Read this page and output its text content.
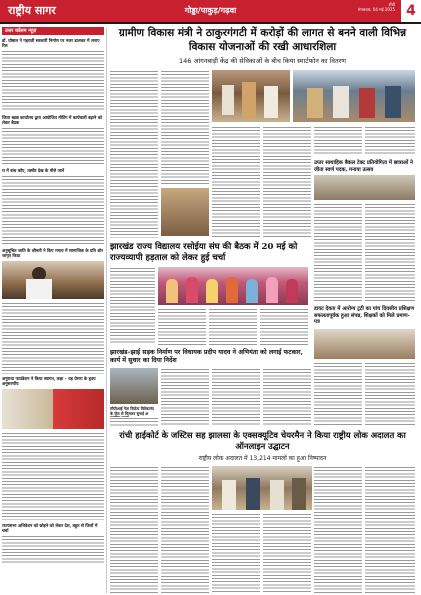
राष्ट्रीय सागर	गोड्डा/पाकुड़/गढ़वा
राँची
मंगलवार, 04 मई 2025 4
उत्तर कॉलम न्यूज़
डॉ. घोषाल ने गहराती सरकारी निर्माण पर नजर डालकर में लगाए रिश
जिला खाद्य कार्यालय द्वारा आयोजित मीटिंग में कार्यकारी बढ़ाने को लेकर बैठक
रा में बांध कॉप, तस्वीर देख के मौसे जानें
अनुसूचित जाति के श्रीमती ने किए ममता में सामाजिक के प्रति शोर जागृत किया
अनुराधा फाउंडेशन ने किया स्वागत, कहा – यह प्रेरणा के हृदय अनुसरणीय
राज्यसभा अधिवेशन को छोड़ने को लेकर देश, बहुत से जिलों में चर्चा
ग्रामीण विकास मंत्री ने ठाकुरगंगटी में करोड़ों की लागत से बनने वाली विभिन्न विकास योजनाओं की रखी आधारशिला
146 आंगनबाड़ी केंद्र की सेविकाओं के बीच किया स्मार्टफोन का वितरण
उप्तर साथाहिक बैकल टेक्ट प्रतियोगिता में छात्राओं ने जीता स्वर्ण पदक, मनाया उत्सव
झारखंड राज्य विद्यालय रसोईया संघ की बैठक में 20 मई को राज्यव्यापी हड़ताल को लेकर हुई चर्चा
झारखंड–झाई सड़क निर्माण पर विधायक प्रदीप यादव ने अभियंता को लगाई फटकार, कार्य में सुधार का दिया निर्देश
सीपीआई नेता विजेता विवेकानंद के जेल से मिलकर सुनाई अ
डायट देवता में आरोग्य ट्रटी का पांच दिवसीय प्रशिक्षण सफलतापूर्वक हुआ संपन्न, शिक्षकों को मिले प्रमाण-पत्र
रांची हाईकोर्ट के जस्टिस सह झालसा के एक्सक्यूटिव चेयरमैन ने किया राष्ट्रीय लोक अदालत का ऑनलाइन उद्घाटन
राष्ट्रीय लोक अदालत में 13,214 मामलों का हुआ निष्पादन
